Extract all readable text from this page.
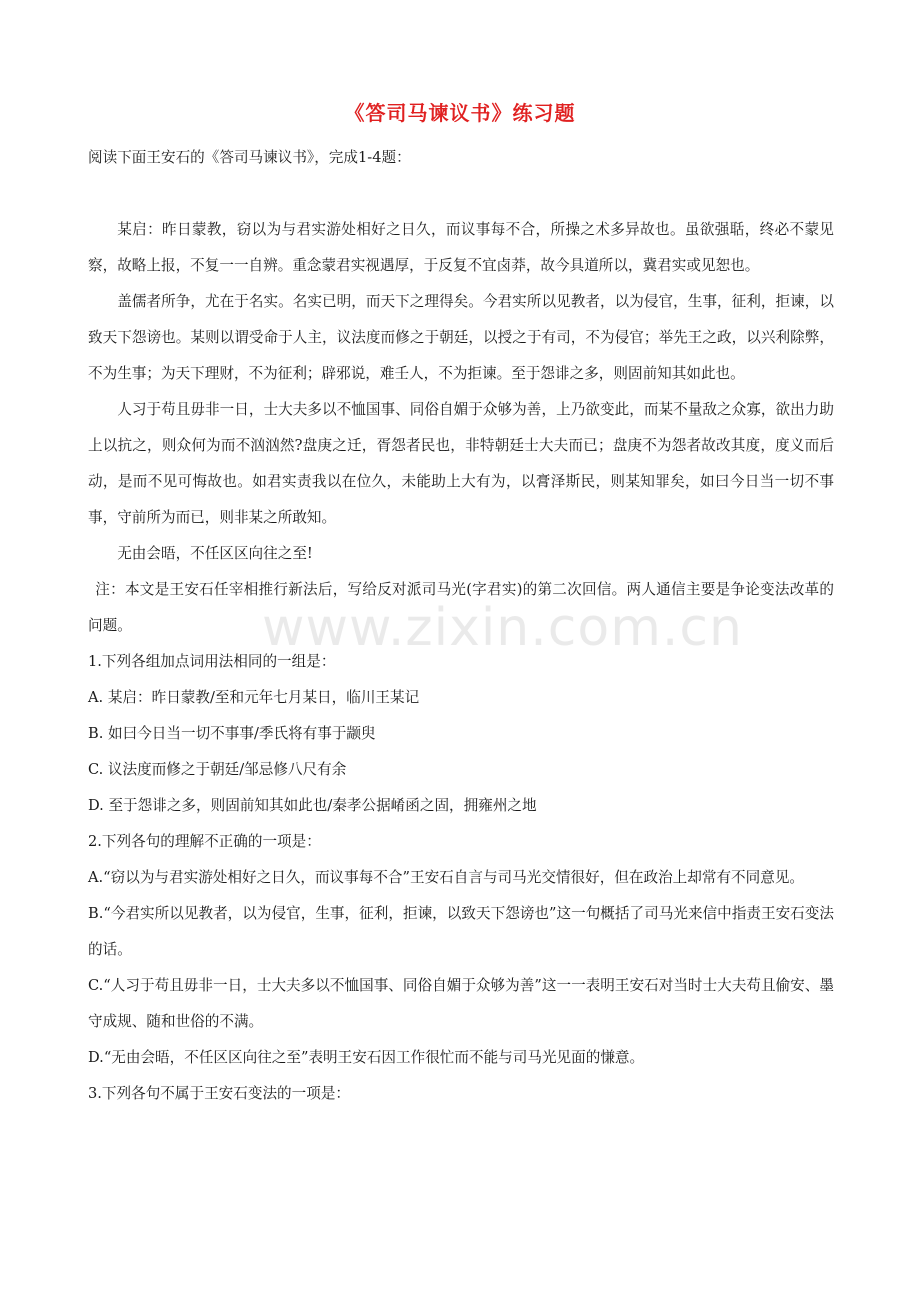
《答司马谏议书》练习题

阅读下面王安石的《答司马谏议书》，完成1-4题：

某启：昨日蒙教，窃以为与君实游处相好之日久，而议事每不合，所操之术多异故也。虽欲强聒，终必不蒙见察，故略上报，不复一一自辨。重念蒙君实视遇厚，于反复不宜卤莽，故今具道所以，冀君实或见恕也。

盖儒者所争，尤在于名实。名实已明，而天下之理得矣。今君实所以见教者，以为侵官，生事，征利，拒谏，以致天下怨谤也。某则以谓受命于人主，议法度而修之于朝廷，以授之于有司，不为侵官；举先王之政，以兴利除弊，不为生事；为天下理财，不为征利；辟邪说，难壬人，不为拒谏。至于怨诽之多，则固前知其如此也。

人习于苟且毋非一日，士大夫多以不恤国事、同俗自媚于众够为善，上乃欲变此，而某不量敌之众寡，欲出力助上以抗之，则众何为而不汹汹然?盘庚之迁，胥怨者民也，非特朝廷士大夫而已；盘庚不为怨者故改其度，度义而后动，是而不见可悔故也。如君实责我以在位久，未能助上大有为，以膏泽斯民，则某知罪矣，如曰今日当一切不事事，守前所为而已，则非某之所敢知。

无由会晤，不任区区向往之至!

注：本文是王安石任宰相推行新法后，写给反对派司马光(字君实)的第二次回信。两人通信主要是争论变法改革的问题。

1.下列各组加点词用法相同的一组是：

A. 某启：昨日蒙教/至和元年七月某日，临川王某记

B. 如曰今日当一切不事事/季氏将有事于颛臾

C. 议法度而修之于朝廷/邹忌修八尺有余

D. 至于怨诽之多，则固前知其如此也/秦孝公据崤函之固，拥雍州之地

2.下列各句的理解不正确的一项是：

A.“窃以为与君实游处相好之日久，而议事每不合”王安石自言与司马光交情很好，但在政治上却常有不同意见。

B.“今君实所以见教者，以为侵官，生事，征利，拒谏，以致天下怨谤也”这一句概括了司马光来信中指责王安石变法的话。

C.“人习于苟且毋非一日，士大夫多以不恤国事、同俗自媚于众够为善”这一一表明王安石对当时士大夫苟且偷安、墨守成规、随和世俗的不满。

D.“无由会晤，不任区区向往之至”表明王安石因工作很忙而不能与司马光见面的慊意。

3.下列各句不属于王安石变法的一项是：

www.zixin.com.cn
